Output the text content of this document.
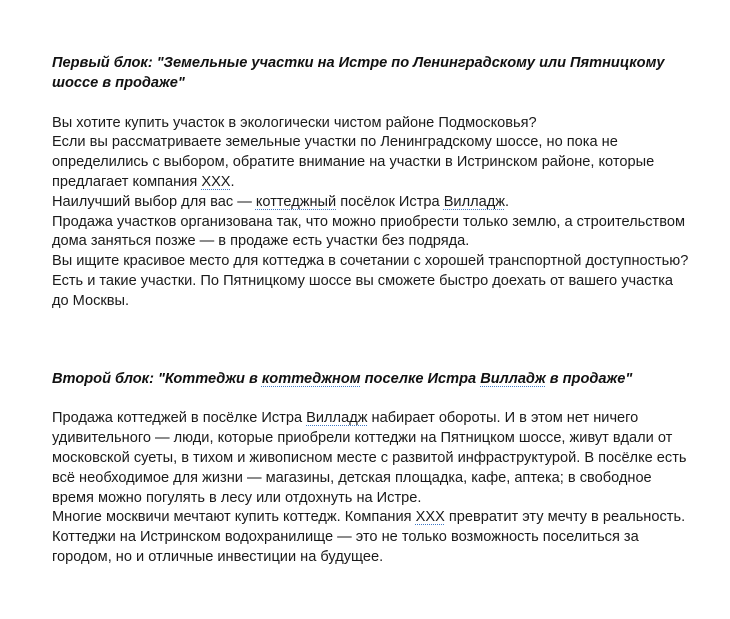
Первый блок: "Земельные участки на Истре по Ленинградскому или Пятницкому шоссе в продаже"

Вы хотите купить участок в экологически чистом районе Подмосковья?

Если вы рассматриваете земельные участки по Ленинградскому шоссе, но пока не определились с выбором, обратите внимание на участки в Истринском районе, которые предлагает компания ХХХ.

Наилучший выбор для вас — коттеджный посёлок Истра Вилладж.

Продажа участков организована так, что можно приобрести только землю, а строительством дома заняться позже — в продаже есть участки без подряда.

Вы ищите красивое место для коттеджа в сочетании с хорошей транспортной доступностью? Есть и такие участки. По Пятницкому шоссе вы сможете быстро доехать от вашего участка до Москвы.

Второй блок: "Коттеджи в коттеджном поселке Истра Вилладж в продаже"

Продажа коттеджей в посёлке Истра Вилладж набирает обороты. И в этом нет ничего удивительного — люди, которые приобрели коттеджи на Пятницком шоссе, живут вдали от московской суеты, в тихом и живописном месте с развитой инфраструктурой. В посёлке есть всё необходимое для жизни — магазины, детская площадка, кафе, аптека; в свободное время можно погулять в лесу или отдохнуть на Истре.

Многие москвичи мечтают купить коттедж. Компания ХХХ превратит эту мечту в реальность. Коттеджи на Истринском водохранилище — это не только возможность поселиться за городом, но и отличные инвестиции на будущее.
